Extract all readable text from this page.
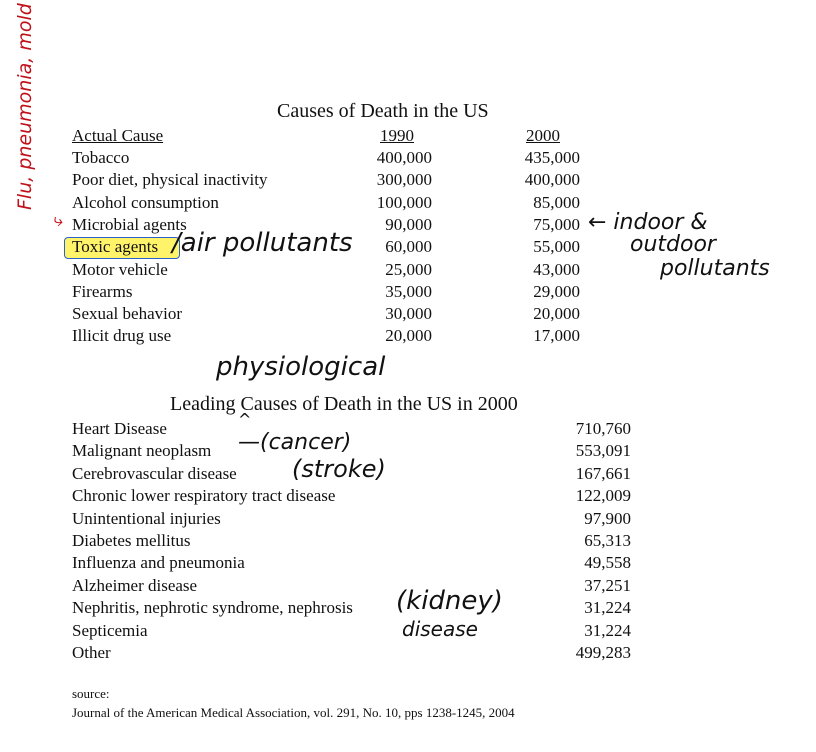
Causes of Death in the US
Actual Cause	1990	2000
Tobacco	400,000	435,000
Poor diet, physical inactivity	300,000	400,000
Alcohol consumption	100,000	85,000
Microbial agents	90,000	75,000
Toxic agents	60,000	55,000
Motor vehicle	25,000	43,000
Firearms	35,000	29,000
Sexual behavior	30,000	20,000
Illicit drug use	20,000	17,000
Leading Causes of Death in the US in 2000
Heart Disease	710,760
Malignant neoplasm	553,091
Cerebrovascular disease	167,661
Chronic lower respiratory tract disease	122,009
Unintentional injuries	97,900
Diabetes mellitus	65,313
Influenza and pneumonia	49,558
Alzheimer disease	37,251
Nephritis, nephrotic syndrome, nephrosis	31,224
Septicemia	31,224
Other	499,283
source:
Journal of the American Medical Association, vol. 291, No. 10, pps 1238-1245, 2004
Flu, pneumonia, mold
⤷
/air pollutants
← indoor &
outdoor
pollutants
physiological
^
—(cancer)
(stroke)
(kidney)
disease
